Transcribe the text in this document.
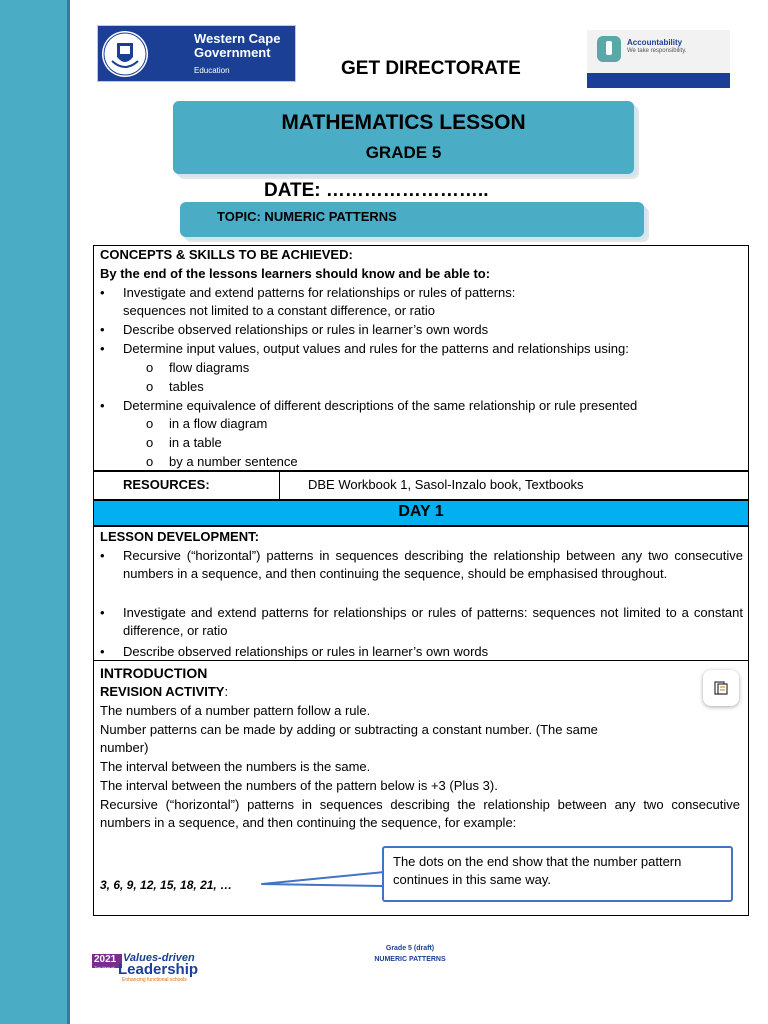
Western Cape
Government
Education	GET DIRECTORATE
Accountability
We take responsibility.
MATHEMATICS LESSON
GRADE 5
DATE: ……………………..
TOPIC: NUMERIC PATTERNS
CONCEPTS & SKILLS TO BE ACHIEVED:
By the end of the lessons learners should know and be able to:
• Investigate and extend patterns for relationships or rules of patterns:
sequences not limited to a constant difference, or ratio
• Describe observed relationships or rules in learner’s own words
• Determine input values, output values and rules for the patterns and relationships using:
o flow diagrams
o tables
• Determine equivalence of different descriptions of the same relationship or rule presented
o in a flow diagram
o in a table
o by a number sentence
RESOURCES:	DBE Workbook 1, Sasol-Inzalo book, Textbooks
DAY 1
LESSON DEVELOPMENT:
• Recursive (“horizontal”) patterns in sequences describing the relationship between any two consecutive numbers in a sequence, and then continuing the sequence, should be emphasised throughout.
• Investigate and extend patterns for relationships or rules of patterns: sequences not limited to a constant difference, or ratio
• Describe observed relationships or rules in learner’s own words
INTRODUCTION
REVISION ACTIVITY:
The numbers of a number pattern follow a rule.
Number patterns can be made by adding or subtracting a constant number. (The same
number)
The interval between the numbers is the same.
The interval between the numbers of the pattern below is +3 (Plus 3).
Recursive (“horizontal”) patterns in sequences describing the relationship between any two consecutive numbers in a sequence, and then continuing the sequence, for example:
3, 6, 9, 12, 15, 18, 21, …
The dots on the end show that the number pattern continues in this same way.
2021
The Year of
Values-driven
Leadership
Enhancing functional schools
Grade 5 (draft)
NUMERIC PATTERNS
